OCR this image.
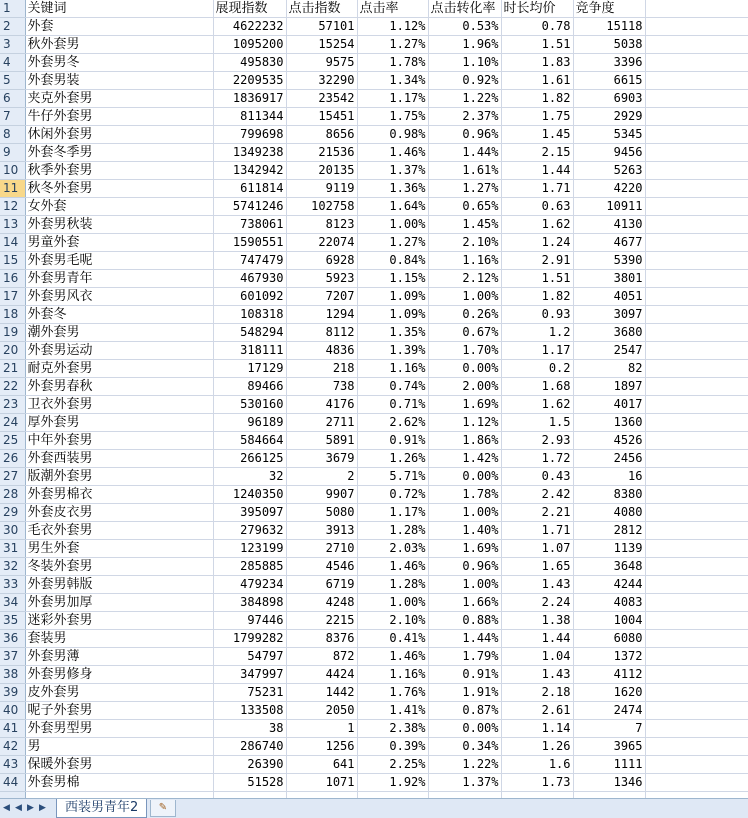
1	关键词	展现指数	点击指数	点击率	点击转化率	时长均价	竞争度	
2	外套	4622232	57101	1.12%	0.53%	0.78	15118	
3	秋外套男	1095200	15254	1.27%	1.96%	1.51	5038	
4	外套男冬	495830	9575	1.78%	1.10%	1.83	3396	
5	外套男装	2209535	32290	1.34%	0.92%	1.61	6615	
6	夹克外套男	1836917	23542	1.17%	1.22%	1.82	6903	
7	牛仔外套男	811344	15451	1.75%	2.37%	1.75	2929	
8	休闲外套男	799698	8656	0.98%	0.96%	1.45	5345	
9	外套冬季男	1349238	21536	1.46%	1.44%	2.15	9456	
10	秋季外套男	1342942	20135	1.37%	1.61%	1.44	5263	
11	秋冬外套男	611814	9119	1.36%	1.27%	1.71	4220	
12	女外套	5741246	102758	1.64%	0.65%	0.63	10911	
13	外套男秋装	738061	8123	1.00%	1.45%	1.62	4130	
14	男童外套	1590551	22074	1.27%	2.10%	1.24	4677	
15	外套男毛呢	747479	6928	0.84%	1.16%	2.91	5390	
16	外套男青年	467930	5923	1.15%	2.12%	1.51	3801	
17	外套男风衣	601092	7207	1.09%	1.00%	1.82	4051	
18	外套冬	108318	1294	1.09%	0.26%	0.93	3097	
19	潮外套男	548294	8112	1.35%	0.67%	1.2	3680	
20	外套男运动	318111	4836	1.39%	1.70%	1.17	2547	
21	耐克外套男	17129	218	1.16%	0.00%	0.2	82	
22	外套男春秋	89466	738	0.74%	2.00%	1.68	1897	
23	卫衣外套男	530160	4176	0.71%	1.69%	1.62	4017	
24	厚外套男	96189	2711	2.62%	1.12%	1.5	1360	
25	中年外套男	584664	5891	0.91%	1.86%	2.93	4526	
26	外套西装男	266125	3679	1.26%	1.42%	1.72	2456	
27	版潮外套男	32	2	5.71%	0.00%	0.43	16	
28	外套男棉衣	1240350	9907	0.72%	1.78%	2.42	8380	
29	外套皮衣男	395097	5080	1.17%	1.00%	2.21	4080	
30	毛衣外套男	279632	3913	1.28%	1.40%	1.71	2812	
31	男生外套	123199	2710	2.03%	1.69%	1.07	1139	
32	冬装外套男	285885	4546	1.46%	0.96%	1.65	3648	
33	外套男韩版	479234	6719	1.28%	1.00%	1.43	4244	
34	外套男加厚	384898	4248	1.00%	1.66%	2.24	4083	
35	迷彩外套男	97446	2215	2.10%	0.88%	1.38	1004	
36	套装男	1799282	8376	0.41%	1.44%	1.44	6080	
37	外套男薄	54797	872	1.46%	1.79%	1.04	1372	
38	外套男修身	347997	4424	1.16%	0.91%	1.43	4112	
39	皮外套男	75231	1442	1.76%	1.91%	2.18	1620	
40	呢子外套男	133508	2050	1.41%	0.87%	2.61	2474	
41	外套男型男	38	1	2.38%	0.00%	1.14	7	
42	男	286740	1256	0.39%	0.34%	1.26	3965	
43	保暖外套男	26390	641	2.25%	1.22%	1.6	1111	
44	外套男棉	51528	1071	1.92%	1.37%	1.73	1346	

◀ ◀ ▶ ▶	西装男青年2	✎
